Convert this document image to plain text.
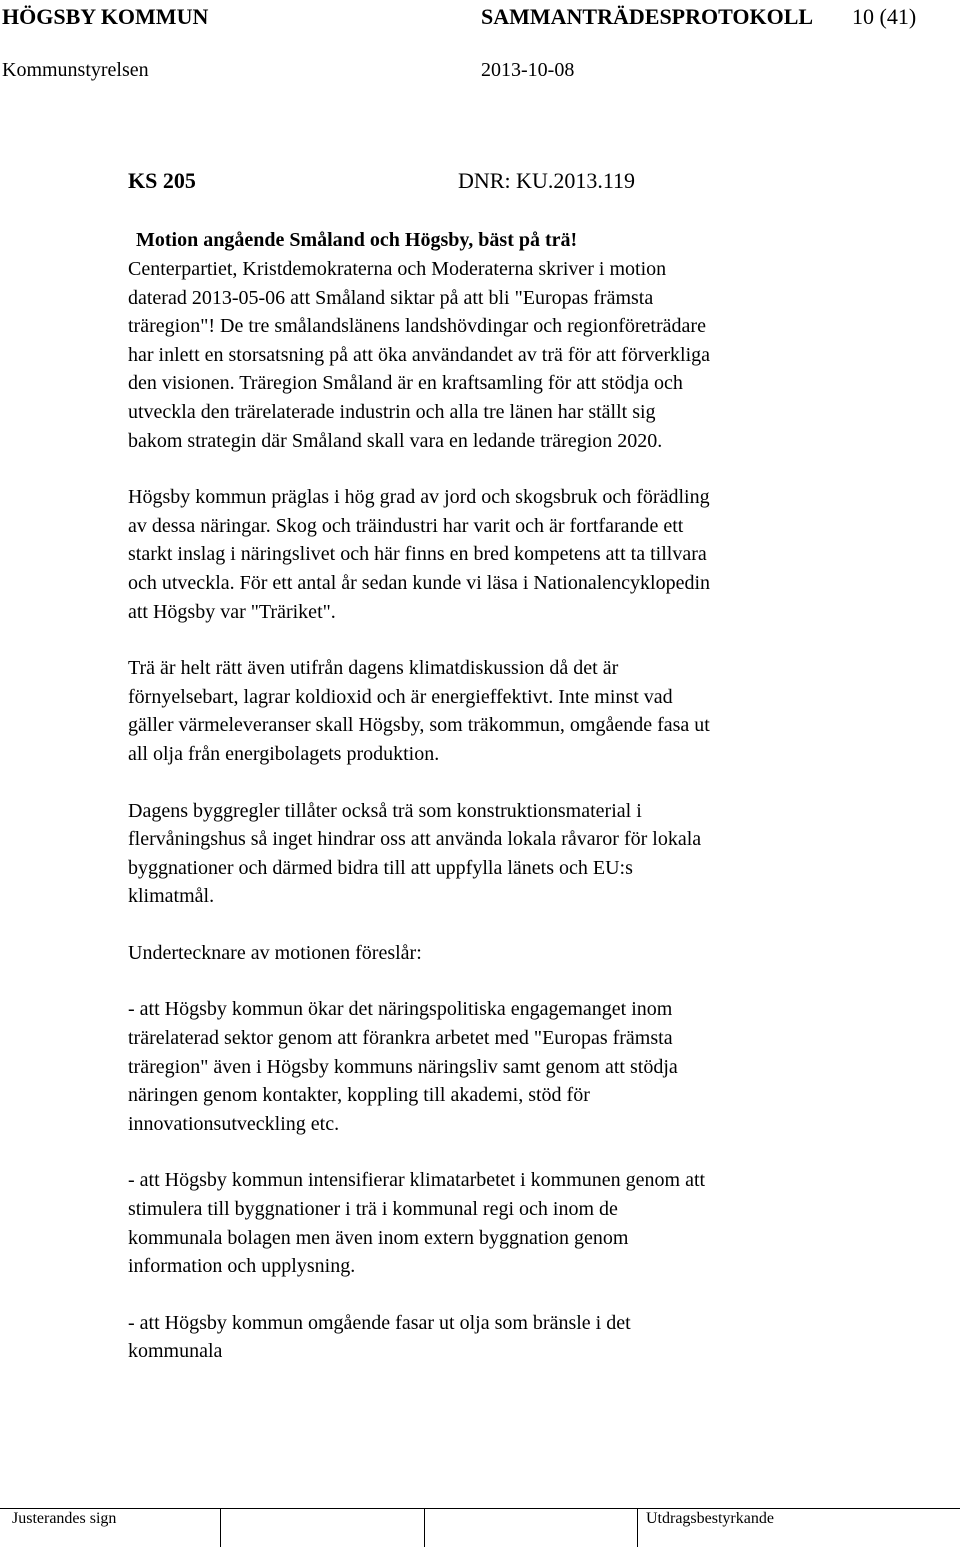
HÖGSBY KOMMUN	SAMMANTRÄDESPROTOKOLL 10 (41)
Kommunstyrelsen	2013-10-08
KS 205	DNR: KU.2013.119
Motion angående Småland och Högsby, bäst på trä!
Centerpartiet, Kristdemokraterna och Moderaterna skriver i motion
daterad 2013-05-06 att Småland siktar på att bli "Europas främsta
träregion"! De tre smålandslänens landshövdingar och regionföreträdare
har inlett en storsatsning på att öka användandet av trä för att förverkliga
den visionen. Träregion Småland är en kraftsamling för att stödja och
utveckla den trärelaterade industrin och alla tre länen har ställt sig
bakom strategin där Småland skall vara en ledande träregion 2020.
Högsby kommun präglas i hög grad av jord och skogsbruk och förädling
av dessa näringar. Skog och träindustri har varit och är fortfarande ett
starkt inslag i näringslivet och här finns en bred kompetens att ta tillvara
och utveckla. För ett antal år sedan kunde vi läsa i Nationalencyklopedin
att Högsby var "Träriket".
Trä är helt rätt även utifrån dagens klimatdiskussion då det är
förnyelsebart, lagrar koldioxid och är energieffektivt. Inte minst vad
gäller värmeleveranser skall Högsby, som träkommun, omgående fasa ut
all olja från energibolagets produktion.
Dagens byggregler tillåter också trä som konstruktionsmaterial i
flervåningshus så inget hindrar oss att använda lokala råvaror för lokala
byggnationer och därmed bidra till att uppfylla länets och EU:s
klimatmål.
Undertecknare av motionen föreslår:
- att Högsby kommun ökar det näringspolitiska engagemanget inom
trärelaterad sektor genom att förankra arbetet med "Europas främsta
träregion" även i Högsby kommuns näringsliv samt genom att stödja
näringen genom kontakter, koppling till akademi, stöd för
innovationsutveckling etc.
- att Högsby kommun intensifierar klimatarbetet i kommunen genom att
stimulera till byggnationer i trä i kommunal regi och inom de
kommunala bolagen men även inom extern byggnation genom
information och upplysning.
- att Högsby kommun omgående fasar ut olja som bränsle i det
kommunala
Justerandes sign	Utdragsbestyrkande
